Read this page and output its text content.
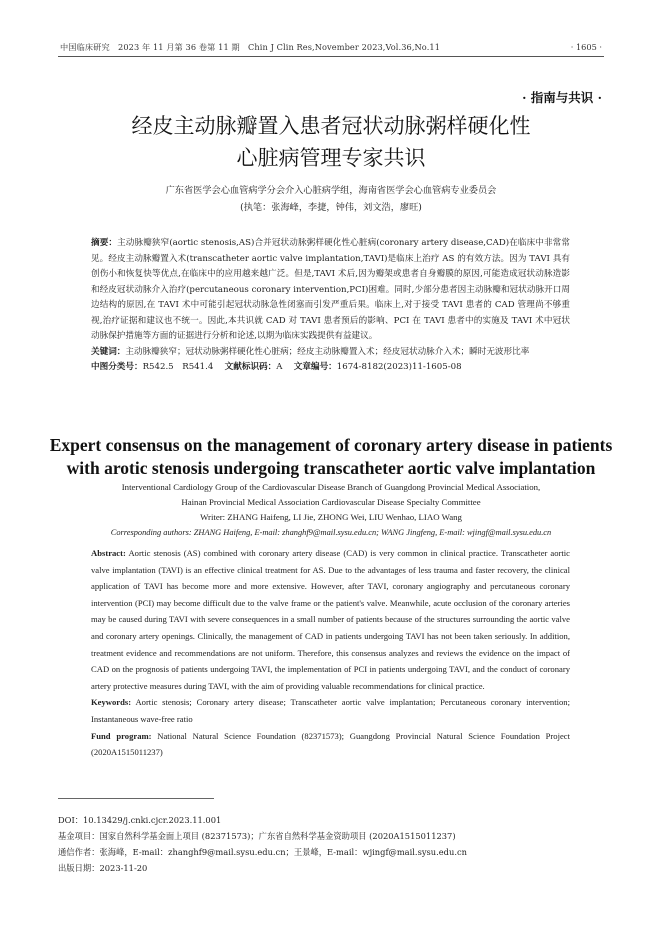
中国临床研究　2023 年 11 月第 36 卷第 11 期　Chin J Clin Res,November 2023,Vol.36,No.11	· 1605 ·
· 指南与共识 ·
经皮主动脉瓣置入患者冠状动脉粥样硬化性
心脏病管理专家共识
广东省医学会心血管病学分会介入心脏病学组，海南省医学会心血管病专业委员会
(执笔：张海峰，李捷，钟伟，刘文浩，廖旺)

摘要：主动脉瓣狭窄(aortic stenosis,AS)合并冠状动脉粥样硬化性心脏病(coronary artery disease,CAD)在临床中非常常见。经皮主动脉瓣置入术(transcatheter aortic valve implantation,TAVI)是临床上治疗 AS 的有效方法。因为 TAVI 具有创伤小和恢复快等优点,在临床中的应用越来越广泛。但是,TAVI 术后,因为瓣架或患者自身瓣膜的原因,可能造成冠状动脉造影和经皮冠状动脉介入治疗(percutaneous coronary intervention,PCI)困难。同时,少部分患者因主动脉瓣和冠状动脉开口周边结构的原因,在 TAVI 术中可能引起冠状动脉急性闭塞而引发严重后果。临床上,对于接受 TAVI 患者的 CAD 管理尚不够重视,治疗证据和建议也不统一。因此,本共识就 CAD 对 TAVI 患者预后的影响、PCI 在 TAVI 患者中的实施及 TAVI 术中冠状动脉保护措施等方面的证据进行分析和论述,以期为临床实践提供有益建议。

关键词：主动脉瓣狭窄；冠状动脉粥样硬化性心脏病；经皮主动脉瓣置入术；经皮冠状动脉介入术；瞬时无波形比率

中图分类号：R542.5　R541.4　 文献标识码：A　 文章编号：1674-8182(2023)11-1605-08

Expert consensus on the management of coronary artery disease in patients
with arotic stenosis undergoing transcatheter aortic valve implantation
Interventional Cardiology Group of the Cardiovascular Disease Branch of Guangdong Provincial Medical Association,
Hainan Provincial Medical Association Cardiovascular Disease Specialty Committee
Writer: ZHANG Haifeng, LI Jie, ZHONG Wei, LIU Wenhao, LIAO Wang
Corresponding authors: ZHANG Haifeng, E-mail: zhanghf9@mail.sysu.edu.cn; WANG Jingfeng, E-mail: wjingf@mail.sysu.edu.cn

Abstract: Aortic stenosis (AS) combined with coronary artery disease (CAD) is very common in clinical practice. Transcatheter aortic valve implantation (TAVI) is an effective clinical treatment for AS. Due to the advantages of less trauma and faster recovery, the clinical application of TAVI has become more and more extensive. However, after TAVI, coronary angiography and percutaneous coronary intervention (PCI) may become difficult due to the valve frame or the patient's valve. Meanwhile, acute occlusion of the coronary arteries may be caused during TAVI with severe consequences in a small number of patients because of the structures surrounding the aortic valve and coronary artery openings. Clinically, the management of CAD in patients undergoing TAVI has not been taken seriously. In addition, treatment evidence and recommendations are not uniform. Therefore, this consensus analyzes and reviews the evidence on the impact of CAD on the prognosis of patients undergoing TAVI, the implementation of PCI in patients undergoing TAVI, and the conduct of coronary artery protective measures during TAVI, with the aim of providing valuable recommendations for clinical practice.

Keywords: Aortic stenosis; Coronary artery disease; Transcatheter aortic valve implantation; Percutaneous coronary intervention; Instantaneous wave-free ratio

Fund program: National Natural Science Foundation (82371573); Guangdong Provincial Natural Science Foundation Project (2020A1515011237)

DOI：10.13429/j.cnki.cjcr.2023.11.001
基金项目：国家自然科学基金面上项目 (82371573)；广东省自然科学基金资助项目 (2020A1515011237)
通信作者：张海峰，E-mail：zhanghf9@mail.sysu.edu.cn；王景峰，E-mail：wjingf@mail.sysu.edu.cn
出版日期：2023-11-20
